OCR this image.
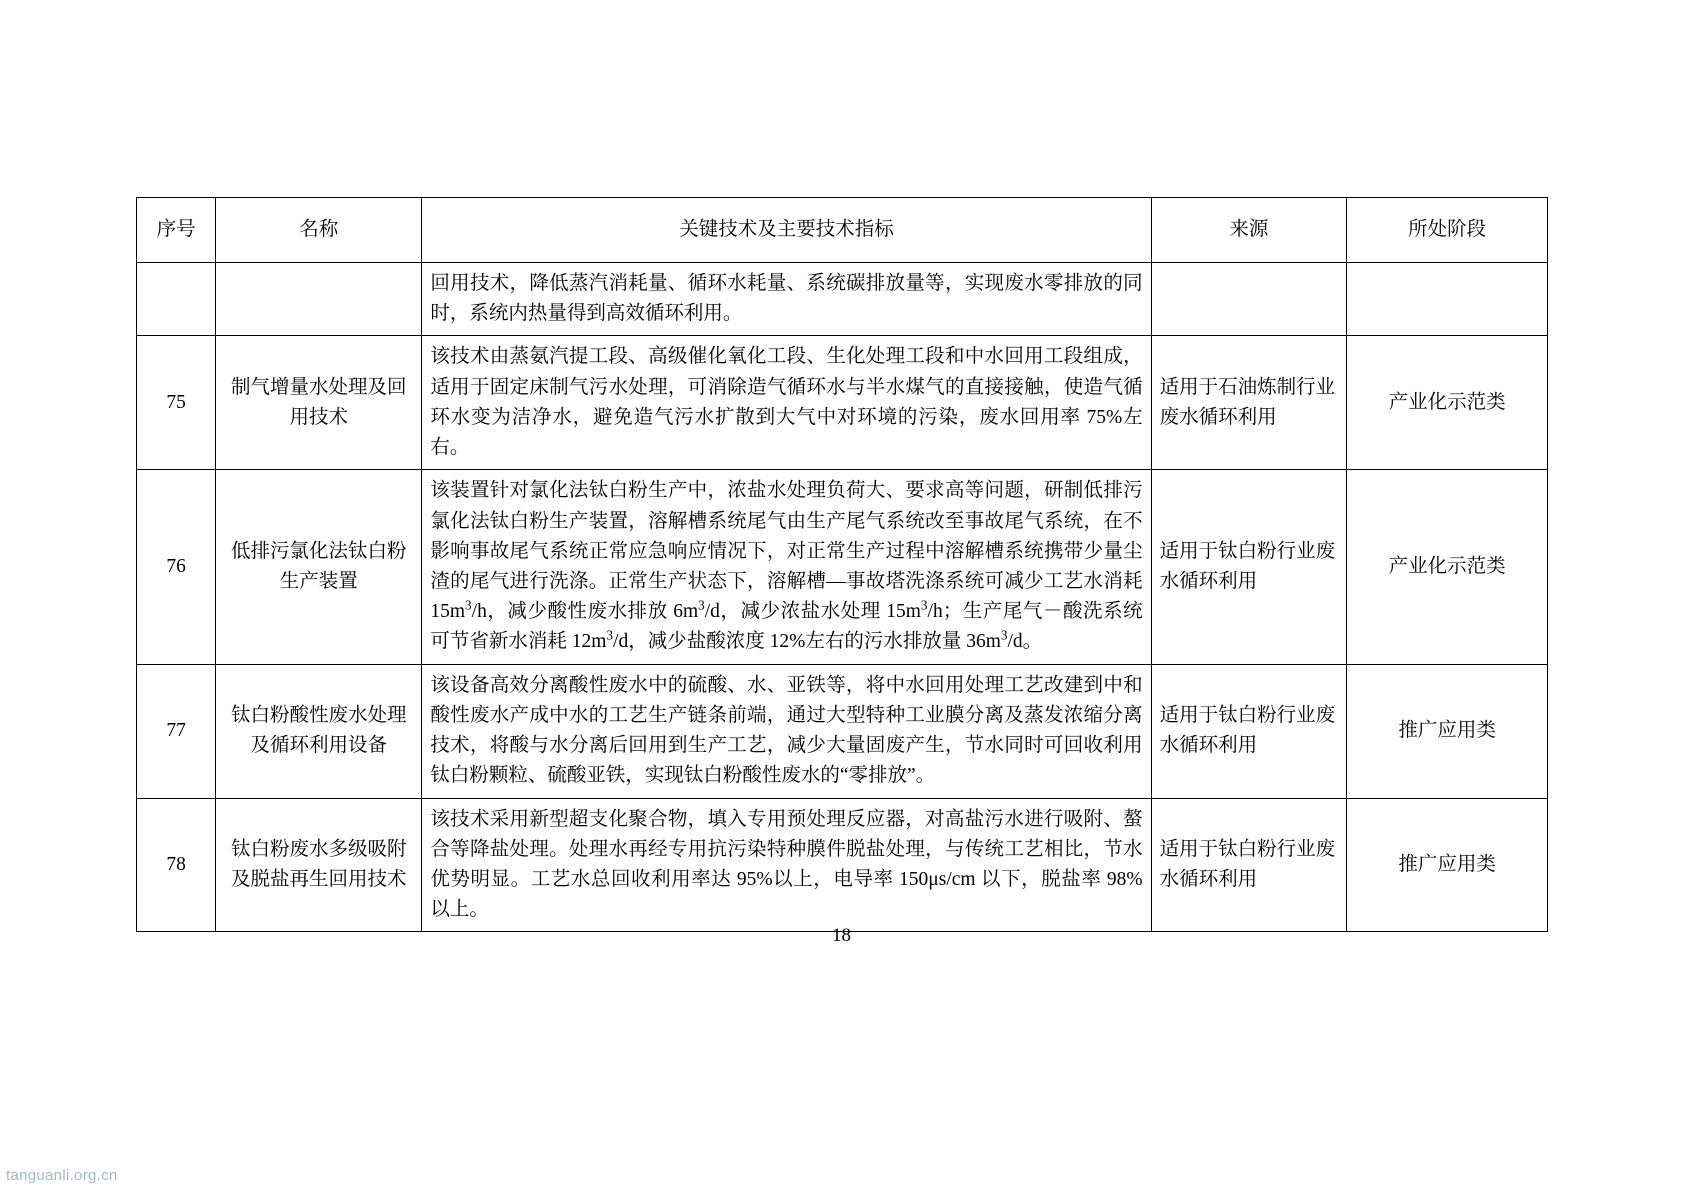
序号	名称	关键技术及主要技术指标	来源	所处阶段
		回用技术，降低蒸汽消耗量、循环水耗量、系统碳排放量等，实现废水零排放的同时，系统内热量得到高效循环利用。		
75	制气增量水处理及回用技术	该技术由蒸氨汽提工段、高级催化氧化工段、生化处理工段和中水回用工段组成，适用于固定床制气污水处理，可消除造气循环水与半水煤气的直接接触，使造气循环水变为洁净水，避免造气污水扩散到大气中对环境的污染，废水回用率 75%左右。	适用于石油炼制行业废水循环利用	产业化示范类
76	低排污氯化法钛白粉生产装置	该装置针对氯化法钛白粉生产中，浓盐水处理负荷大、要求高等问题，研制低排污氯化法钛白粉生产装置，溶解槽系统尾气由生产尾气系统改至事故尾气系统，在不影响事故尾气系统正常应急响应情况下，对正常生产过程中溶解槽系统携带少量尘渣的尾气进行洗涤。正常生产状态下，溶解槽—事故塔洗涤系统可减少工艺水消耗 $15m^3/h$，减少酸性废水排放 $6m^3/d$，减少浓盐水处理 $15m^3/h$；生产尾气－酸洗系统可节省新水消耗 $12m^3/d$，减少盐酸浓度 12%左右的污水排放量 $36m^3/d$。	适用于钛白粉行业废水循环利用	产业化示范类
77	钛白粉酸性废水处理及循环利用设备	该设备高效分离酸性废水中的硫酸、水、亚铁等，将中水回用处理工艺改建到中和酸性废水产成中水的工艺生产链条前端，通过大型特种工业膜分离及蒸发浓缩分离技术，将酸与水分离后回用到生产工艺，减少大量固废产生，节水同时可回收利用钛白粉颗粒、硫酸亚铁，实现钛白粉酸性废水的“零排放”。	适用于钛白粉行业废水循环利用	推广应用类
78	钛白粉废水多级吸附及脱盐再生回用技术	该技术采用新型超支化聚合物，填入专用预处理反应器，对高盐污水进行吸附、螯合等降盐处理。处理水再经专用抗污染特种膜件脱盐处理，与传统工艺相比，节水优势明显。工艺水总回收利用率达 95%以上，电导率 150μs/cm 以下，脱盐率 98%以上。	适用于钛白粉行业废水循环利用	推广应用类
18
tanguanli.org.cn
